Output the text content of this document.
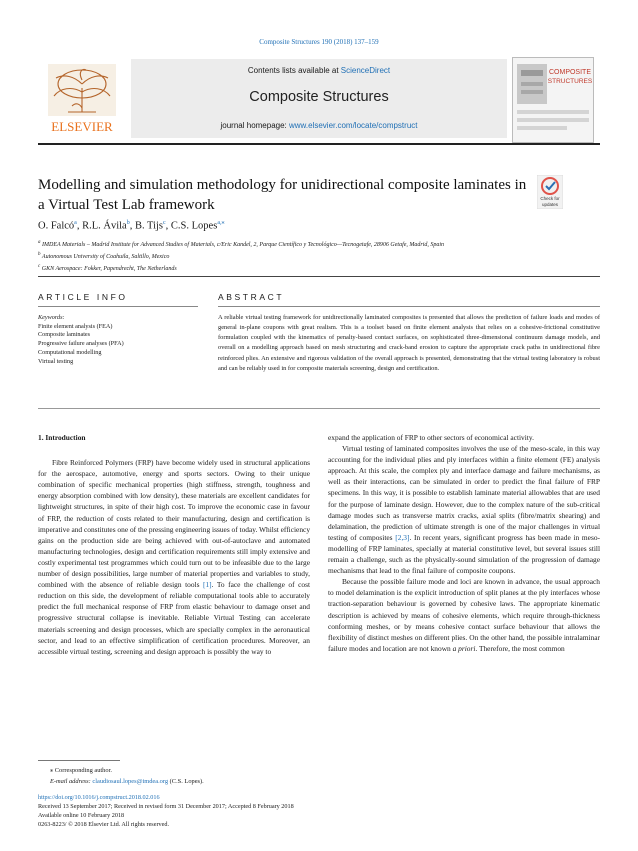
Composite Structures 190 (2018) 137–159
ELSEVIER
Contents lists available at ScienceDirect
Composite Structures
journal homepage: www.elsevier.com/locate/compstruct
COMPOSITE
STRUCTURES
Modelling and simulation methodology for unidirectional composite laminates in a Virtual Test Lab framework	Check for
updates
O. Falcó$^a$, R.L. Ávila$^b$, B. Tijs$^c$, C.S. Lopes$^{a,⁎}$
$^a$ IMDEA Materials – Madrid Institute for Advanced Studies of Materials, c/Eric Kandel, 2, Parque Científico y Tecnológico—Tecnogetafe, 28906 Getafe, Madrid, Spain
$^b$ Autonomous University of Coahuila, Saltillo, Mexico
$^c$ GKN Aerospace: Fokker, Papendrecht, The Netherlands
ARTICLE INFO	ABSTRACT
Keywords:
Finite element analysis (FEA)
Composite laminates
Progressive failure analyses (PFA)
Computational modelling
Virtual testing
A reliable virtual testing framework for unidirectionally laminated composites is presented that allows the prediction of failure loads and modes of general in-plane coupons with great realism. This is a toolset based on finite element analysis that relies on a cohesive-frictional constitutive formulation coupled with the kinematics of penalty-based contact surfaces, on sophisticated three-dimensional continuum damage models, and overall on a modelling approach based on mesh structuring and crack-band erosion to capture the appropriate crack paths in unidirectional fibre reinforced plies. An extensive and rigorous validation of the overall approach is presented, demonstrating that the virtual testing laboratory is robust and can be reliably used in for composite materials screening, design and certification.
1. Introduction

Fibre Reinforced Polymers (FRP) have become widely used in structural applications for the aerospace, automotive, energy and sports sectors. Owing to their unique combination of specific mechanical properties (high stiffness, strength, toughness and energy absorption combined with low density), these materials are excellent candidates for lightweight structures, in spite of their high cost. To improve the economic case in favour of FRP, the reduction of costs related to their manufacturing, design and certification is imperative and constitutes one of the pressing engineering issues of today. Whilst efficiency gains on the production side are being achieved with out-of-autoclave and automated manufacturing technologies, design and certification requirements still imply extensive and costly experimental test programmes which could turn out to be infeasible due to the large number of design possibilities, large number of material properties and variables to study, combined with the absence of reliable design tools [1]. To face the challenge of cost reduction on this side, the development of reliable computational tools able to accurately predict the full mechanical response of FRP from elastic behaviour to damage onset and progressive structural collapse is inevitable. Reliable Virtual Testing can accelerate materials screening and design processes, which are specially complex in the aeronautical sector, and lead to an effective simplification of certification procedures. Moreover, an accessible virtual testing, screening and design approach is possibly the way to

expand the application of FRP to other sectors of economical activity.

Virtual testing of laminated composites involves the use of the meso-scale, in this way accounting for the individual plies and ply interfaces within a finite element (FE) analysis approach. At this scale, the complex ply and interface damage and failure mechanisms, as well as their interactions, can be simulated in order to predict the final failure of FRP specimens. In this way, it is possible to establish laminate material allowables that are used for the purpose of laminate design. However, due to the complex nature of the sub-critical damage modes such as transverse matrix cracks, axial splits (fibre/matrix shearing) and delamination, the prediction of ultimate strength is one of the major challenges in virtual testing of composites [2,3]. In recent years, significant progress has been made in meso-modelling of FRP laminates, specially at material constitutive level, but several issues still remain a challenge, such as the physically-sound simulation of the progression of damage mechanisms that lead to the final failure of composite coupons.

Because the possible failure mode and loci are known in advance, the usual approach to model delamination is the explicit introduction of split planes at the ply interfaces whose traction-separation behaviour is governed by cohesive laws. The appropriate kinematic description is achieved by means of cohesive elements, which require through-thickness conforming meshes, or by means cohesive contact surface behaviour that allows the flexibility of distinct meshes on different plies. On the other hand, the possible intralaminar failure modes and location are not known a priori. Therefore, the most common

⁎ Corresponding author.
E-mail address: claudiosaul.lopes@imdea.org (C.S. Lopes).
https://doi.org/10.1016/j.compstruct.2018.02.016
Received 13 September 2017; Received in revised form 31 December 2017; Accepted 8 February 2018
Available online 10 February 2018
0263-8223/ © 2018 Elsevier Ltd. All rights reserved.
